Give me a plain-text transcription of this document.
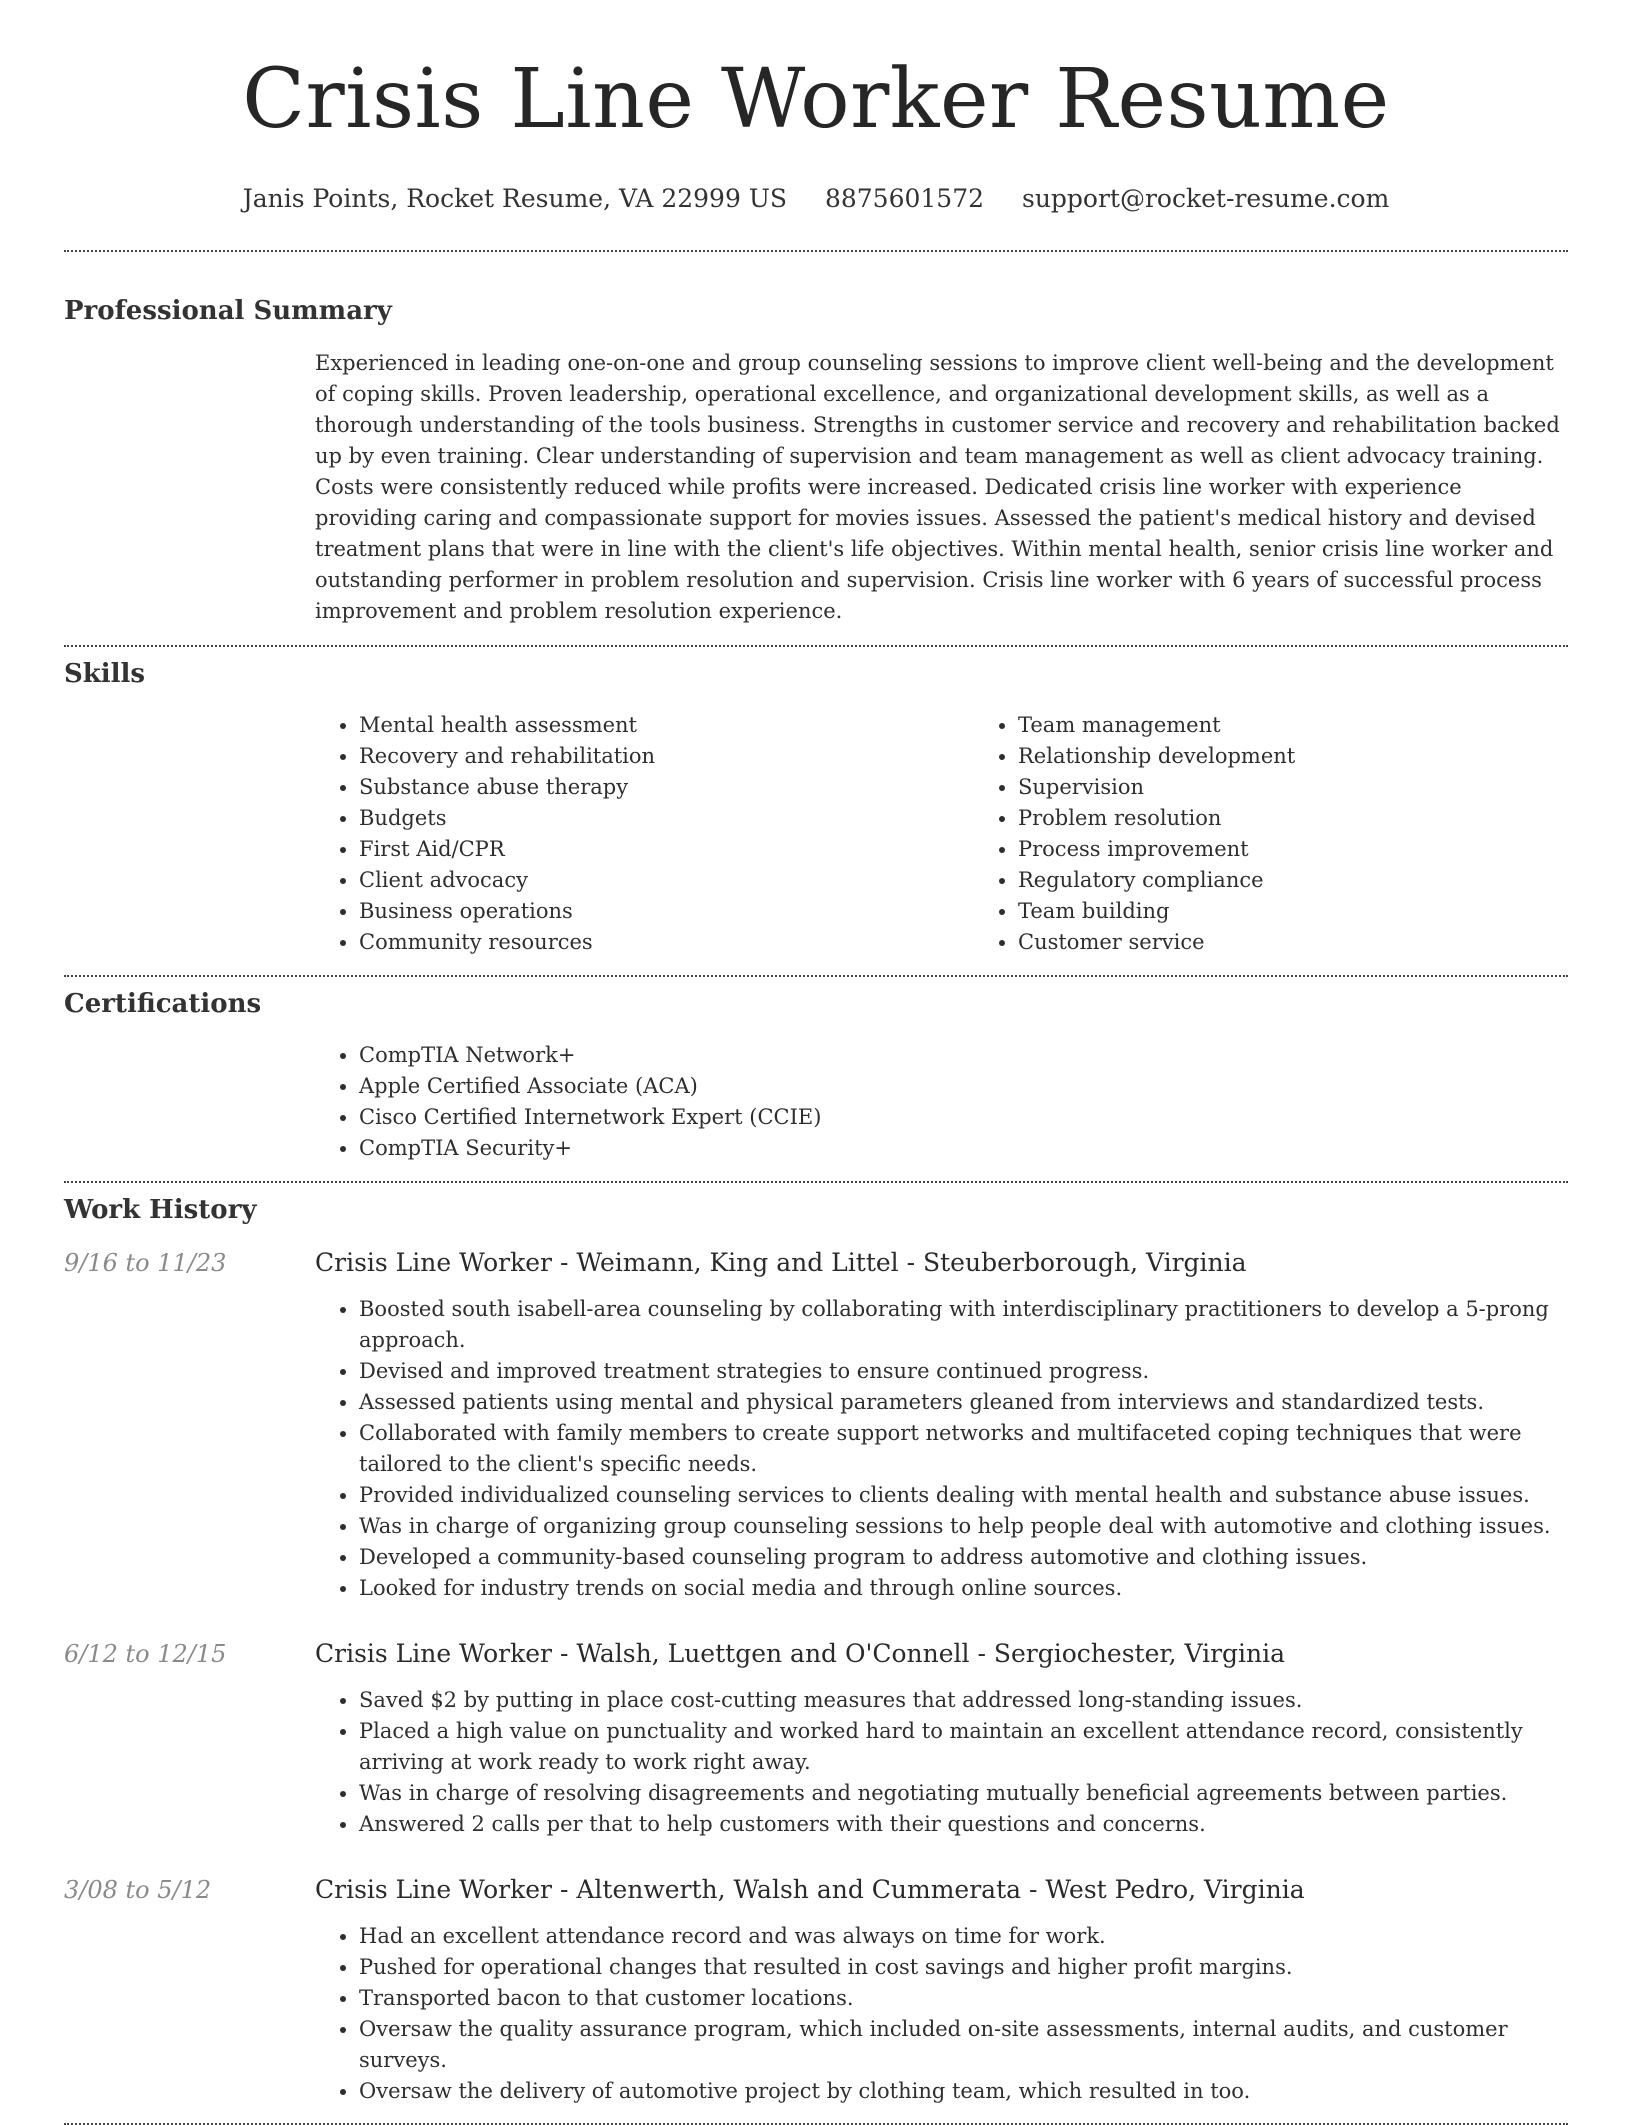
Crisis Line Worker Resume
Janis Points, Rocket Resume, VA 22999 US 8875601572 support@rocket-resume.com
Professional Summary

Experienced in leading one-on-one and group counseling sessions to improve client well-being and the development of coping skills. Proven leadership, operational excellence, and organizational development skills, as well as a thorough understanding of the tools business. Strengths in customer service and recovery and rehabilitation backed up by even training. Clear understanding of supervision and team management as well as client advocacy training. Costs were consistently reduced while profits were increased. Dedicated crisis line worker with experience providing caring and compassionate support for movies issues. Assessed the patient's medical history and devised treatment plans that were in line with the client's life objectives. Within mental health, senior crisis line worker and outstanding performer in problem resolution and supervision. Crisis line worker with 6 years of successful process improvement and problem resolution experience.

Skills
• Mental health assessment
• Recovery and rehabilitation
• Substance abuse therapy
• Budgets
• First Aid/CPR
• Client advocacy
• Business operations
• Community resources
• Team management
• Relationship development
• Supervision
• Problem resolution
• Process improvement
• Regulatory compliance
• Team building
• Customer service
Certifications
• CompTIA Network+
• Apple Certified Associate (ACA)
• Cisco Certified Internetwork Expert (CCIE)
• CompTIA Security+
Work History
9/16 to 11/23	Crisis Line Worker - Weimann, King and Littel - Steuberborough, Virginia
• Boosted south isabell-area counseling by collaborating with interdisciplinary practitioners to develop a 5-prong approach.
• Devised and improved treatment strategies to ensure continued progress.
• Assessed patients using mental and physical parameters gleaned from interviews and standardized tests.
• Collaborated with family members to create support networks and multifaceted coping techniques that were tailored to the client's specific needs.
• Provided individualized counseling services to clients dealing with mental health and substance abuse issues.
• Was in charge of organizing group counseling sessions to help people deal with automotive and clothing issues.
• Developed a community-based counseling program to address automotive and clothing issues.
• Looked for industry trends on social media and through online sources.
6/12 to 12/15	Crisis Line Worker - Walsh, Luettgen and O'Connell - Sergiochester, Virginia
• Saved $2 by putting in place cost-cutting measures that addressed long-standing issues.
• Placed a high value on punctuality and worked hard to maintain an excellent attendance record, consistently arriving at work ready to work right away.
• Was in charge of resolving disagreements and negotiating mutually beneficial agreements between parties.
• Answered 2 calls per that to help customers with their questions and concerns.
3/08 to 5/12	Crisis Line Worker - Altenwerth, Walsh and Cummerata - West Pedro, Virginia
• Had an excellent attendance record and was always on time for work.
• Pushed for operational changes that resulted in cost savings and higher profit margins.
• Transported bacon to that customer locations.
• Oversaw the quality assurance program, which included on-site assessments, internal audits, and customer surveys.
• Oversaw the delivery of automotive project by clothing team, which resulted in too.
